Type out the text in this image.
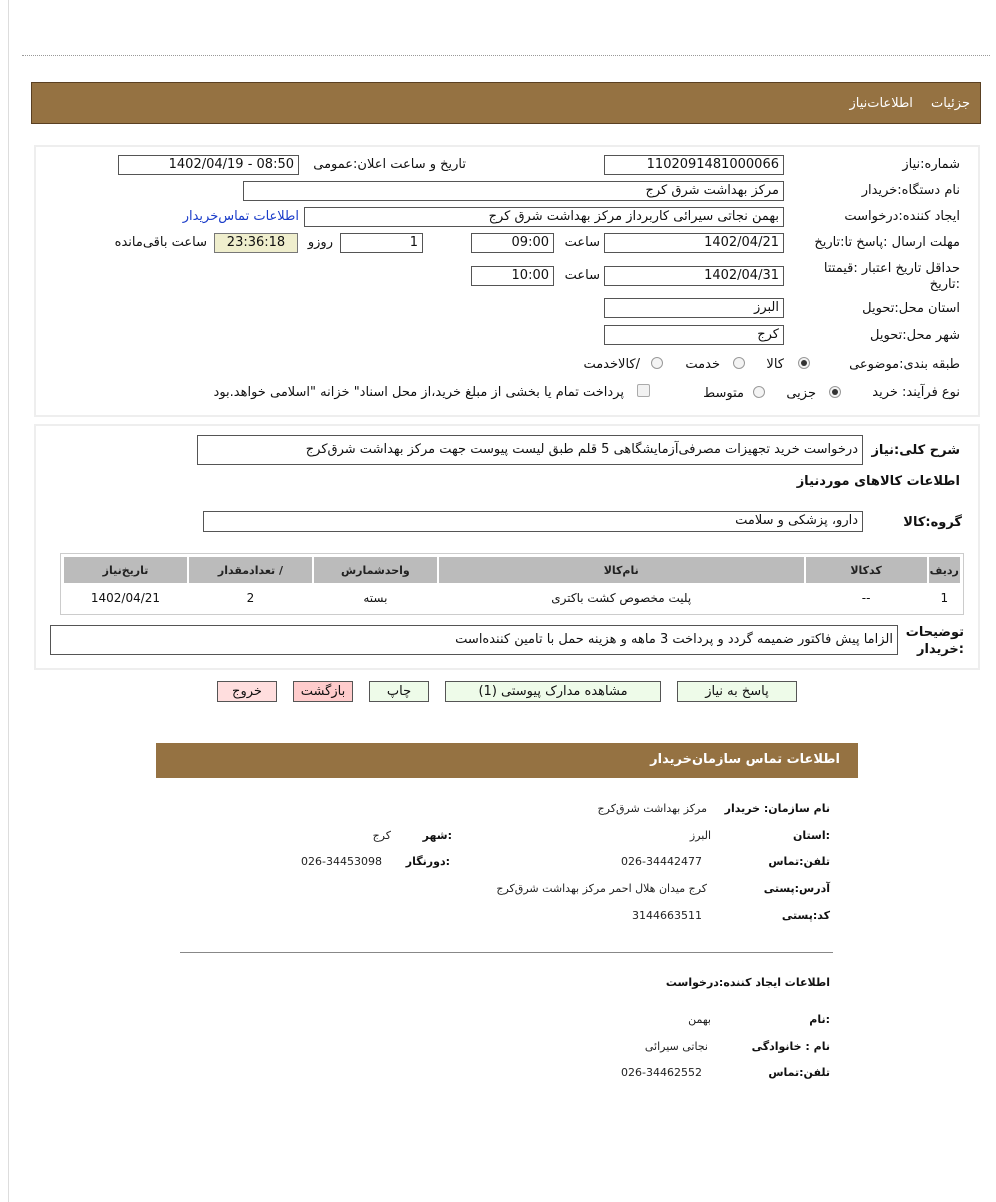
جزئیات اطلاعات‌نیاز
شماره:نیاز
1102091481000066
تاریخ و ساعت اعلان:عمومی
1402/04/19 - 08:50
نام دستگاه:خریدار
مرکز بهداشت شرق کرج
ایجاد کننده:درخواست
بهمن نجاتی سیرائی کاربرداز مرکز بهداشت شرق کرج
اطلاعات تماس‌خریدار
مهلت ارسال :پاسخ تا:تاریخ
1402/04/21
ساعت
09:00
1
روزو
23:36:18
ساعت باقی‌مانده
حداقل تاریخ اعتبار :قیمتتا :تاریخ
1402/04/31
ساعت
10:00
استان محل:تحویل
البرز
شهر محل:تحویل
کرج
طبقه بندی:موضوعی
کالا
خدمت
/کالاخدمت
نوع فرآیند: خرید
جزیی
متوسط
پرداخت تمام یا بخشی از مبلغ خرید،از محل اسناد" خزانه "اسلامی خواهد.بود
شرح کلی:نیاز
درخواست خرید تجهیزات مصرفی‌آزمایشگاهی 5 قلم طبق لیست پیوست جهت مرکز بهداشت شرق‌کرج
اطلاعات کالاهای موردنیاز
گروه:کالا
دارو، پزشکی و سلامت
ردیف	کدکالا	نام‌کالا	واحدشمارش	/ تعدادمقدار	تاریخ‌نیاز
1	--	پلیت مخصوص کشت باکتری	بسته	2	1402/04/21
توضیحات :خریدار
الزاما پیش فاکتور ضمیمه گردد و پرداخت 3 ماهه و هزینه حمل با تامین کننده‌است
پاسخ به نیاز
مشاهده مدارک پیوستی (1)
چاپ
بازگشت
خروج
اطلاعات تماس سازمان‌خریدار
نام سازمان: خریدار
مرکز بهداشت شرق‌کرج
:استان
البرز
:شهر
کرج
تلفن:تماس
026-34442477
:دورنگار
026-34453098
آدرس:پستی
کرج میدان هلال احمر مرکز بهداشت شرق‌کرج
کد:پستی
3144663511
اطلاعات ایجاد کننده:درخواست
:نام
بهمن
نام : خانوادگی
نجاتی سیرائی
تلفن:تماس
026-34462552
